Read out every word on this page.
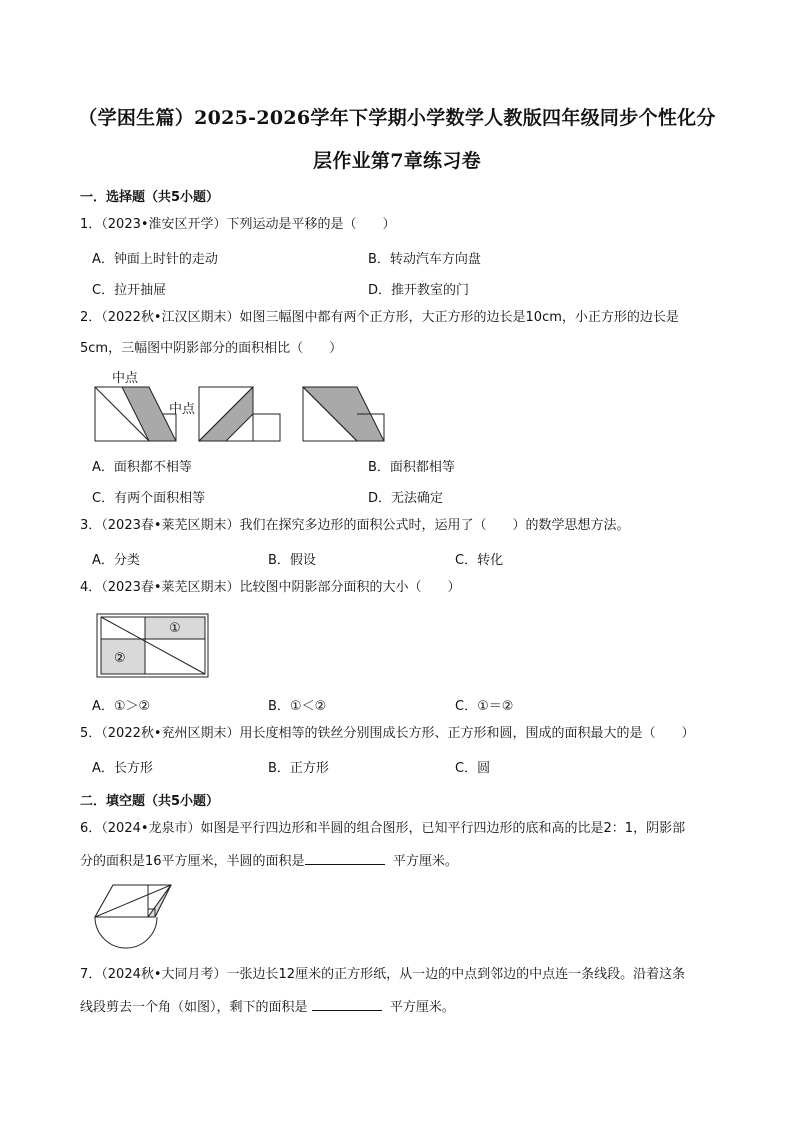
（学困生篇）2025-2026学年下学期小学数学人教版四年级同步个性化分
层作业第7章练习卷
一．选择题（共5小题）
1．（2023•淮安区开学）下列运动是平移的是（　　）
A．钟面上时针的走动	B．转动汽车方向盘
C．拉开抽屉	D．推开教室的门
2．（2022秋•江汉区期末）如图三幅图中都有两个正方形，大正方形的边长是10cm，小正方形的边长是
5cm，三幅图中阴影部分的面积相比（　　）
中点
中点
A．面积都不相等	B．面积都相等
C．有两个面积相等	D．无法确定
3．（2023春•莱芜区期末）我们在探究多边形的面积公式时，运用了（　　）的数学思想方法。
A．分类	B．假设	C．转化
4．（2023春•莱芜区期末）比较图中阴影部分面积的大小（　　）
①
②
A．①＞②	B．①＜②	C．①＝②
5．（2022秋•兖州区期末）用长度相等的铁丝分别围成长方形、正方形和圆，围成的面积最大的是（　　）
A．长方形	B．正方形	C．圆
二．填空题（共5小题）
6．（2024•龙泉市）如图是平行四边形和半圆的组合图形，已知平行四边形的底和高的比是2：1，阴影部
分的面积是16平方厘米，半圆的面积是	平方厘米。
7．（2024秋•大同月考）一张边长12厘米的正方形纸，从一边的中点到邻边的中点连一条线段。沿着这条
线段剪去一个角（如图），剩下的面积是	平方厘米。
